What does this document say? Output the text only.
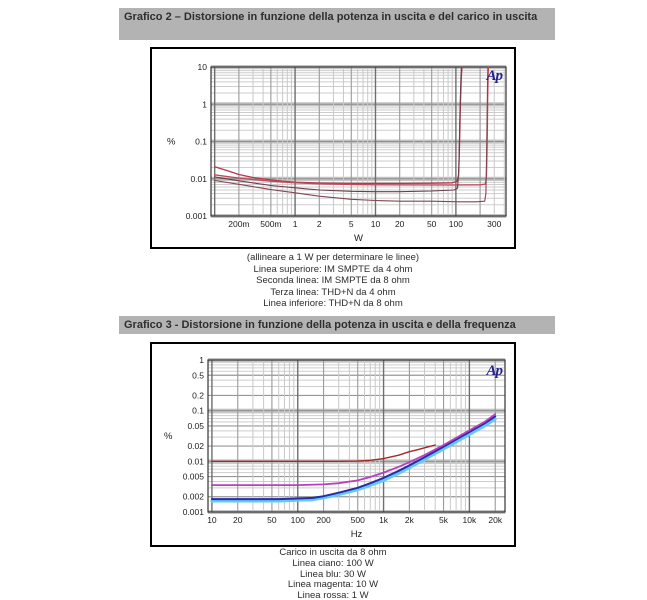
Grafico 2 – Distorsione in funzione della potenza in uscita e del carico in uscita
10
1
0.1
0.01
0.001
200m 500m 1 2	5 10 20	50 100	300
W
%
Ap
(allineare a 1 W per determinare le linee)
Linea superiore: IM SMPTE da 4 ohm
Seconda linea: IM SMPTE da 8 ohm
Terza linea: THD+N da 4 ohm
Linea inferiore: THD+N da 8 ohm
Grafico 3 - Distorsione in funzione della potenza in uscita e della frequenza
1
0.5
0.2
0.1
0.05
0.02
0.01
0.005
0.002
0.001
10 20	50 100 200 500 1k 2k	5k 10k 20k
Hz
%
Ap
Carico in uscita da 8 ohm
Linea ciano: 100 W
Linea blu: 30 W
Linea magenta: 10 W
Linea rossa: 1 W
